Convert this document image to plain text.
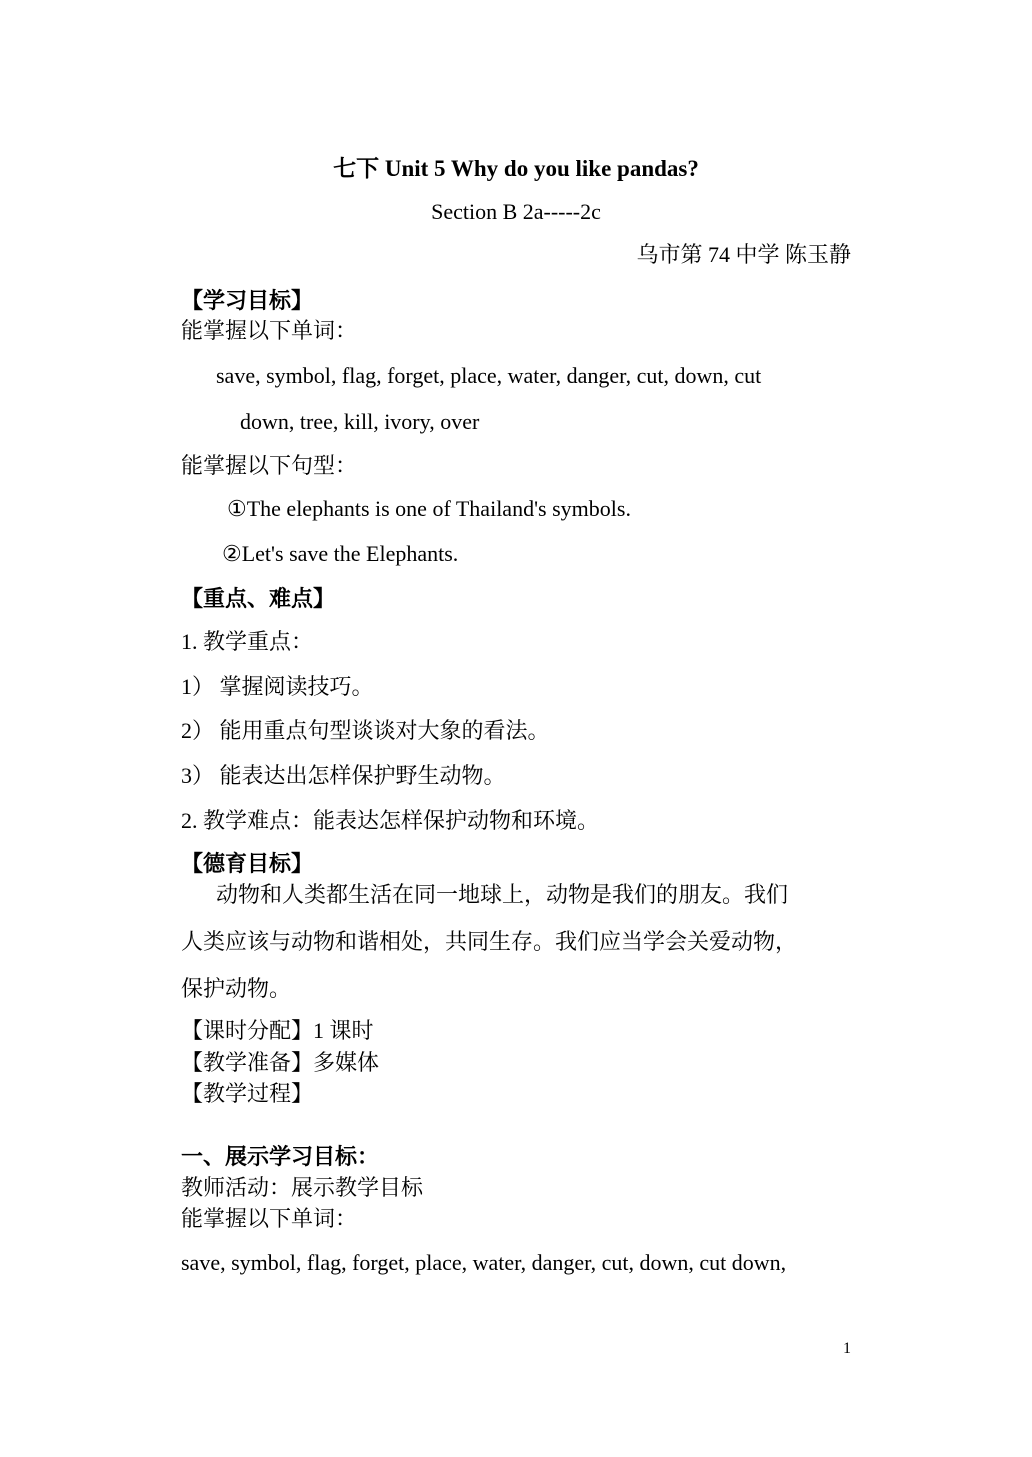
七下 Unit 5 Why do you like pandas?
Section B 2a-----2c
乌市第 74 中学 陈玉静
【学习目标】
能掌握以下单词：
save, symbol, flag, forget, place, water, danger, cut, down, cut
down, tree, kill, ivory, over
能掌握以下句型：
①The elephants is one of Thailand's symbols.
②Let's save the Elephants.
【重点、难点】
1. 教学重点：
1） 掌握阅读技巧。
2） 能用重点句型谈谈对大象的看法。
3） 能表达出怎样保护野生动物。
2. 教学难点：能表达怎样保护动物和环境。
【德育目标】
动物和人类都生活在同一地球上，动物是我们的朋友。我们
人类应该与动物和谐相处，共同生存。我们应当学会关爱动物，
保护动物。
【课时分配】1 课时
【教学准备】多媒体
【教学过程】
一、展示学习目标：
教师活动：展示教学目标
能掌握以下单词：
save, symbol, flag, forget, place, water, danger, cut, down, cut down,
1
